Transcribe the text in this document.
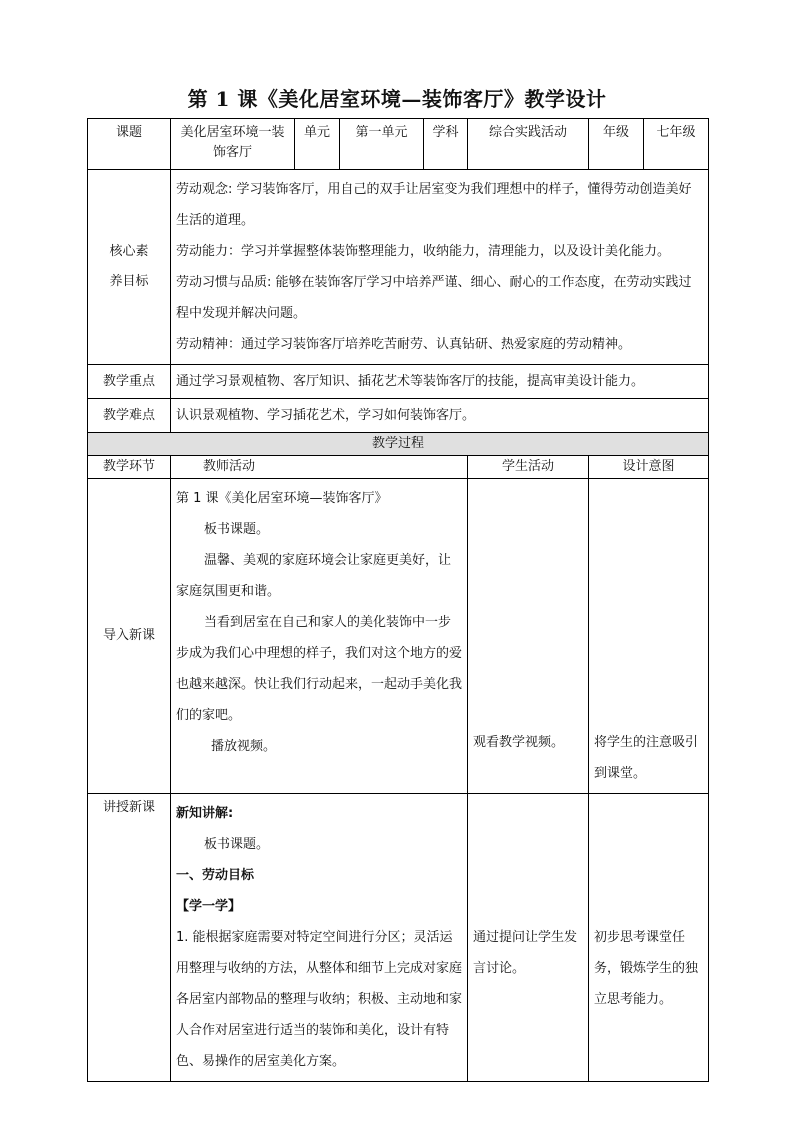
第 1 课《美化居室环境—装饰客厅》教学设计
课题	美化居室环境一装饰客厅	单元	第一单元	学科	综合实践活动	年级	七年级

核心素养目标	劳动观念: 学习装饰客厅，用自己的双手让居室变为我们理想中的样子，懂得劳动创造美好生活的道理。
劳动能力：学习并掌握整体装饰整理能力，收纳能力，清理能力，以及设计美化能力。
劳动习惯与品质: 能够在装饰客厅学习中培养严谨、细心、耐心的工作态度，在劳动实践过程中发现并解决问题。
劳动精神：通过学习装饰客厅培养吃苦耐劳、认真钻研、热爱家庭的劳动精神。						

教学重点	通过学习景观植物、客厅知识、插花艺术等装饰客厅的技能，提高审美设计能力。						
教学难点	认识景观植物、学习插花艺术，学习如何装饰客厅。						
教学过程							
教学环节	教师活动				学生活动	设计意图	
导入新课	第 1 课《美化居室环境—装饰客厅》
板书课题。
温馨、美观的家庭环境会让家庭更美好，让家庭氛围更和谐。
当看到居室在自己和家人的美化装饰中一步步成为我们心中理想的样子，我们对这个地方的爱也越来越深。快让我们行动起来，一起动手美化我们的家吧。
播放视频。				观看教学视频。	将学生的注意吸引到课堂。	
讲授新课	新知讲解:
板书课题。
一、劳动目标
【学一学】
1. 能根据家庭需要对特定空间进行分区；灵活运用整理与收纳的方法，从整体和细节上完成对家庭各居室内部物品的整理与收纳；积极、主动地和家人合作对居室进行适当的装饰和美化，设计有特色、易操作的居室美化方案。				通过提问让学生发言讨论。	初步思考课堂任务，锻炼学生的独立思考能力。	
